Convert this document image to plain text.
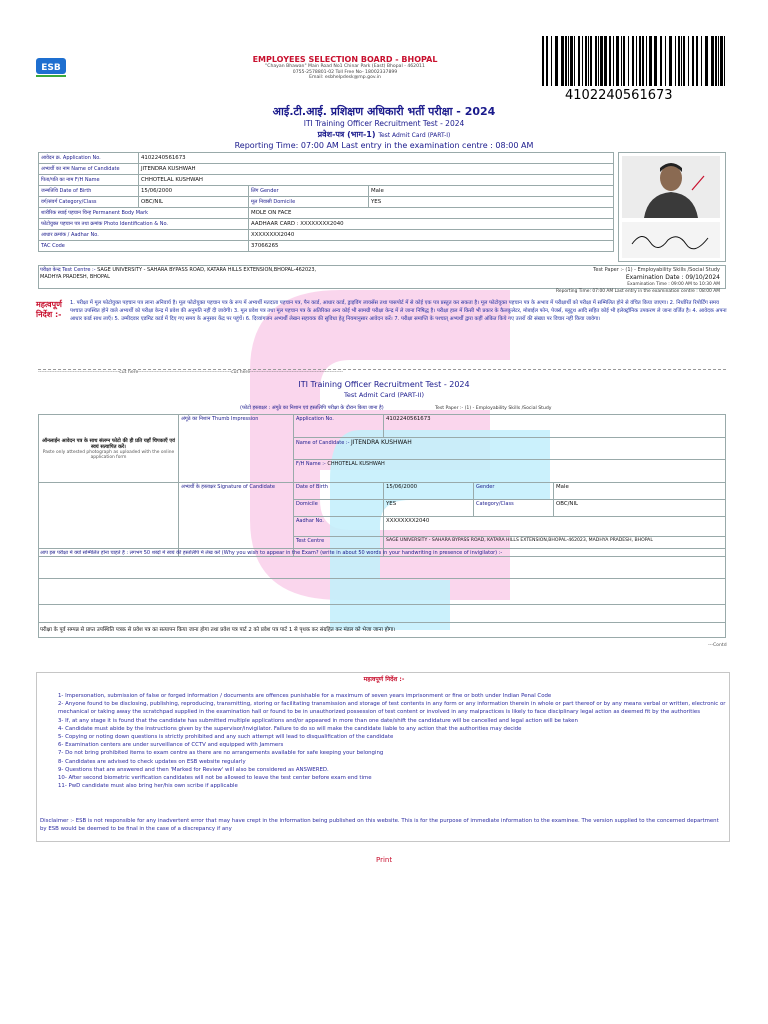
ESB
EMPLOYEES SELECTION BOARD - BHOPAL
"Chayan Bhawan" Main Road No1 Chinar Park (East) Bhopal - 462011
0755-2578801-02 Toll Free No- 18002337899
Email: esbhelpdesk@mp.gov.in
4102240561673
आई.टी.आई. प्रशिक्षण अधिकारी भर्ती परीक्षा - 2024
ITI Training Officer Recruitment Test - 2024
प्रवेश-पत्र (भाग-1) Test Admit Card (PART-I)
Reporting Time: 07:00 AM Last entry in the examination centre : 08:00 AM
आवेदन क्र. Application No.	4102240561673		
अभ्यर्थी का नाम Name of Candidate	JITENDRA KUSHWAH		
पिता/पति का नाम F/H Name	CHHOTELAL KUSHWAH		
जन्मतिथि Date of Birth	15/06/2000	लिंग Gender	Male
वर्ग/संवर्ग Category/Class	OBC/NIL	मूल निवासी Domicile	YES
शारीरिक स्थाई पहचान चिन्ह Permanent Body Mark		MOLE ON FACE	
फोटोयुक्त पहचान पत्र तथा क्रमांक Photo Identification & No.		AADHAAR CARD : XXXXXXXX2040	
आधार क्रमांक / Aadhar No.		XXXXXXXX2040	
TAC Code		37066265	
परीक्षा केन्द्र Test Centre :- SAGE UNIVERSITY - SAHARA BYPASS ROAD, KATARA HILLS EXTENSION,BHOPAL-462023, MADHYA PRADESH, BHOPAL
Test Paper :- (1) - Employability Skills /Social Study
Examination Date : 09/10/2024
Examination Time : 09:00 AM to 10:30 AM
Reporting Time: 07:00 AM Last entry in the examination centre : 08:00 AM
महत्वपूर्ण
निर्देश :-
1. परीक्षा में मूल फोटोयुक्त पहचान पत्र लाना अनिवार्य है। मूल फोटोयुक्त पहचान पत्र के रूप में अभ्यर्थी मतदाता पहचान पत्र, पैन कार्ड, आधार कार्ड, ड्राइविंग लायसेंस तथा पासपोर्ट में से कोई एक पत्र प्रस्तुत कर सकता है। मूल फोटोयुक्त पहचान पत्र के अभाव में परीक्षार्थी को परीक्षा में सम्मिलित होने से वंचित किया जाएगा। 2. निर्धारित रिपोर्टिंग समय पश्चात उपस्थित होने वाले अभ्यर्थी को परीक्षा केन्द्र में प्रवेश की अनुमति नहीं दी जावेगी। 3. मूल प्रवेश पत्र तथा मूल पहचान पत्र के अतिरिक्त अन्य कोई भी सामग्री परीक्षा केन्द्र में ले जाना निषिद्ध है। परीक्षा हाल में किसी भी प्रकार के कैलकुलेटर, मोबाईल फोन, पेजर्स, ब्लूटूथ आदि सहित कोई भी इलेक्ट्रॉनिक उपकरण ले जाना वर्जित है। 4. आवेदक अपना आधार कार्ड साथ लाएँ। 5. उम्मीदवार एडमिट कार्ड में दिए गए समय के अनुसार केंद्र पर पहुंचें। 6. दिव्यांगजन अभ्यर्थी लेखन सहायक की सुविधा हेतु नियमानुसार आवेदन करें। 7. परीक्षा समाप्ति के पश्चात् अभ्यर्थी द्वारा कहीं अंकित किये गए उत्तरों की संख्या पर विचार नहीं किया जावेगा।
-------------------------------------------------cut here--------------------------------------------------------cut here--------------------------------------------------------
ITI Training Officer Recruitment Test - 2024
Test Admit Card (PART-II)
(फोटो हस्ताक्षर : अंगूठे का निशान एवं हस्तलिपि परीक्षा के दौरान किया जाना है)	Test Paper :- (1) - Employability Skills /Social Study
ऑनलाईन आवेदन पत्र के साथ संलग्न फोटो की ही प्रति यहाँ चिपकाएँ एवं स्वयं सत्यापित करें।
Paste only attested photograph as uploaded with the online application form	अंगूठे का निशान Thumb Impression	Application No.	4102240561673		
		Name of Candidate :- JITENDRA KUSHWAH			
		F/H Name :- CHHOTELAL KUSHWAH			
	अभ्यर्थी के हस्ताक्षर Signature of Candidate	Date of Birth	15/06/2000	Gender	Male
		Domicile	YES	Category/Class	OBC/NIL
		Aadhar No.	XXXXXXXX2040		
		Test Centre	SAGE UNIVERSITY - SAHARA BYPASS ROAD, KATARA HILLS EXTENSION,BHOPAL-462023, MADHYA PRADESH, BHOPAL		
आप इस परीक्षा में क्यों सम्मिलित होना चाहते हैं : लगभग 50 शब्दों में स्वयं की हस्तलिपि में लेख करें (Why you wish to appear in the Exam? (write in about 50 words in your handwriting in presence of invigilator) :-
परीक्षा के पूर्व सम्पन्न से प्राप्त उपस्थिति पत्रक से प्रवेश पत्र का सत्यापन किया जाना होगा तथा प्रवेश पत्र पार्ट 2 को प्रवेश पत्र पार्ट 1 से पृथक कर संग्रहित कर मंडल को भेजा जाना होगा।
---Contd
महत्वपूर्ण निर्देश :-
1- Impersonation, submission of false or forged information / documents are offences punishable for a maximum of seven years imprisonment or fine or both under Indian Penal Code
2- Anyone found to be disclosing, publishing, reproducing, transmitting, storing or facilitating transmission and storage of test contents in any form or any information therein in whole or part thereof or by any means verbal or written, electronic or mechanical or taking away the scratchpad supplied in the examination hall or found to be in unauthorized possession of test content or involved in any malpractices is likely to face disciplinary legal action as deemed fit by the authorities
3- If, at any stage it is found that the candidate has submitted multiple applications and/or appeared in more than one date/shift the candidature will be cancelled and legal action will be taken
4- Candidate must abide by the instructions given by the supervisor/invigilator. Failure to do so will make the candidate liable to any action that the authorities may decide
5- Copying or noting down questions is strictly prohibited and any such attempt will lead to disqualification of the candidate
6- Examination centers are under surveillance of CCTV and equipped with Jammers
7- Do not bring prohibited items to exam centre as there are no arrangements available for safe keeping your belonging
8- Candidates are advised to check updates on ESB website regularly
9- Questions that are answered and then 'Marked for Review' will also be considered as ANSWERED.
10- After second biometric verification candidates will not be allowed to leave the test center before exam end time
11- PwD candidate must also bring her/his own scribe if applicable
Disclaimer :- ESB is not responsible for any inadvertent error that may have crept in the information being published on this website. This is for the purpose of immediate information to the examinee. The version supplied to the concerned department by ESB would be deemed to be final in the case of a discrepancy if any
Print
